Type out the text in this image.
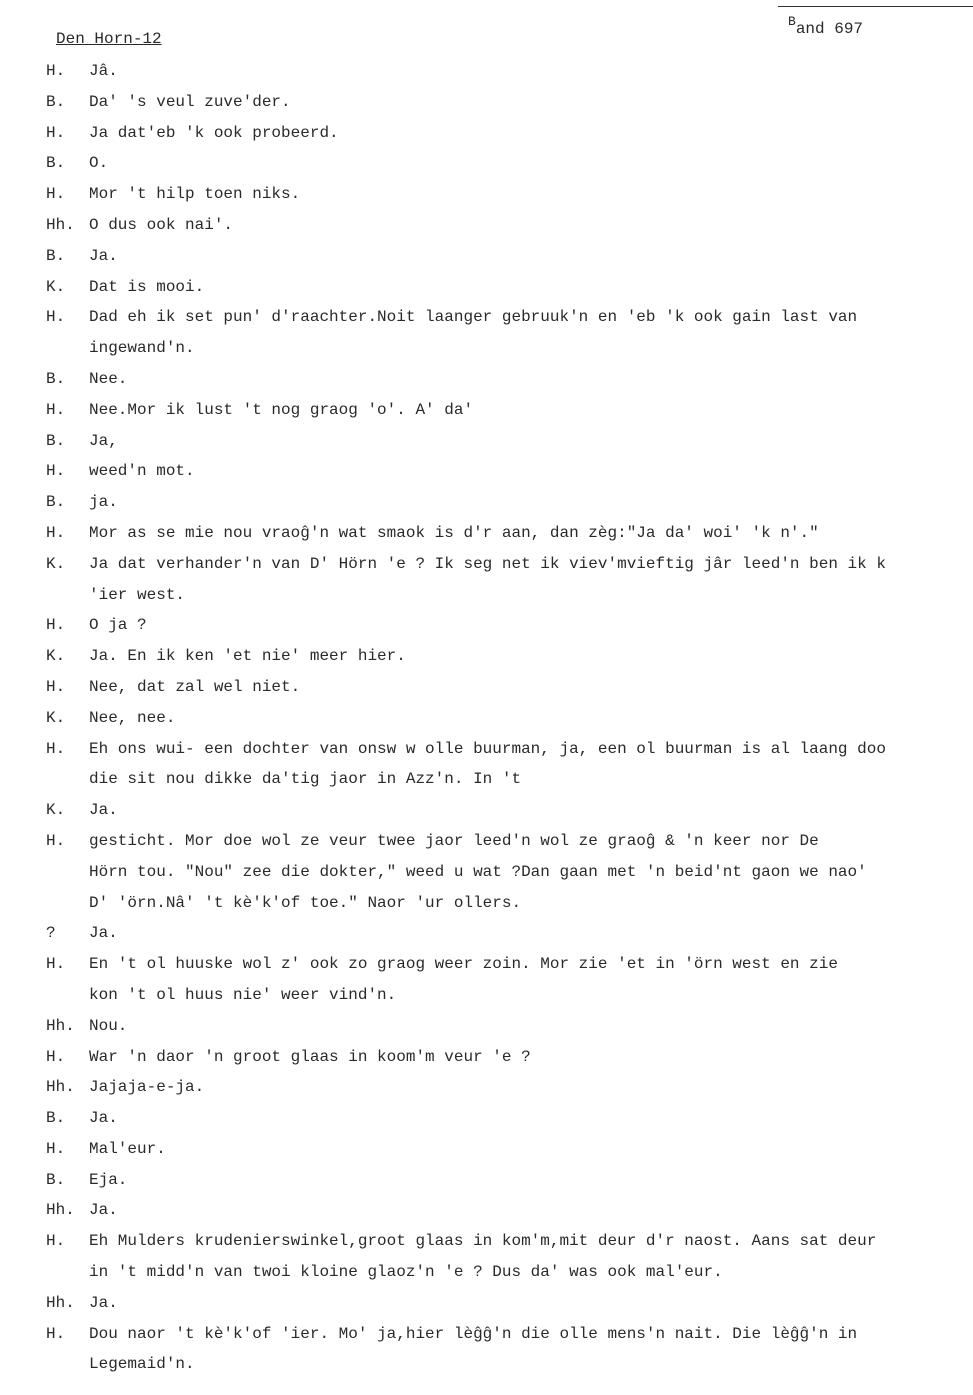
Den Horn-12
$^B$and 697
H. Jâ.
B. Da' 's veul zuve'der.
H. Ja dat'eb 'k ook probeerd.
B. O.
H. Mor 't hilp toen niks.
Hh. O dus ook nai'.
B. Ja.
K. Dat is mooi.
H. Dad eh ik set pun' d'raachter.Noit laanger gebruuk'n en 'eb 'k ook gain last van
ingewand'n.
B. Nee.
H. Nee.Mor ik lust 't nog graog 'o'. A' da'
B. Ja,
H. weed'n mot.
B. ja.
H. Mor as se mie nou vraoĝ'n wat smaok is d'r aan, dan zèg:"Ja da' woi' 'k n'."
K. Ja dat verhander'n van D' Hörn 'e ? Ik seg net ik viev'mvieftig jâr leed'n ben ik k
'ier west.
H. O ja ?
K. Ja. En ik ken 'et nie' meer hier.
H. Nee, dat zal wel niet.
K. Nee, nee.
H. Eh ons wui- een dochter van onsw w olle buurman, ja, een ol buurman is al laang doo
die sit nou dikke da'tig jaor in Azz'n. In 't
K. Ja.
H. gesticht. Mor doe wol ze veur twee jaor leed'n wol ze graoĝ & 'n keer nor De
Hörn tou. "Nou" zee die dokter," weed u wat ?Dan gaan met 'n beid'nt gaon we nao'
D' 'örn.Nâ' 't kè'k'of toe." Naor 'ur ollers.
? Ja.
H. En 't ol huuske wol z' ook zo graog weer zoin. Mor zie 'et in 'örn west en zie
kon 't ol huus nie' weer vind'n.
Hh. Nou.
H. War 'n daor 'n groot glaas in koom'm veur 'e ?
Hh. Jajaja-e-ja.
B. Ja.
H. Mal'eur.
B. Eja.
Hh. Ja.
H. Eh Mulders krudenierswinkel,groot glaas in kom'm,mit deur d'r naost. Aans sat deur
in 't midd'n van twoi kloine glaoz'n 'e ? Dus da' was ook mal'eur.
Hh. Ja.
H. Dou naor 't kè'k'of 'ier. Mo' ja,hier lèĝĝ'n die olle mens'n nait. Die lèĝĝ'n in
Legemaid'n.
